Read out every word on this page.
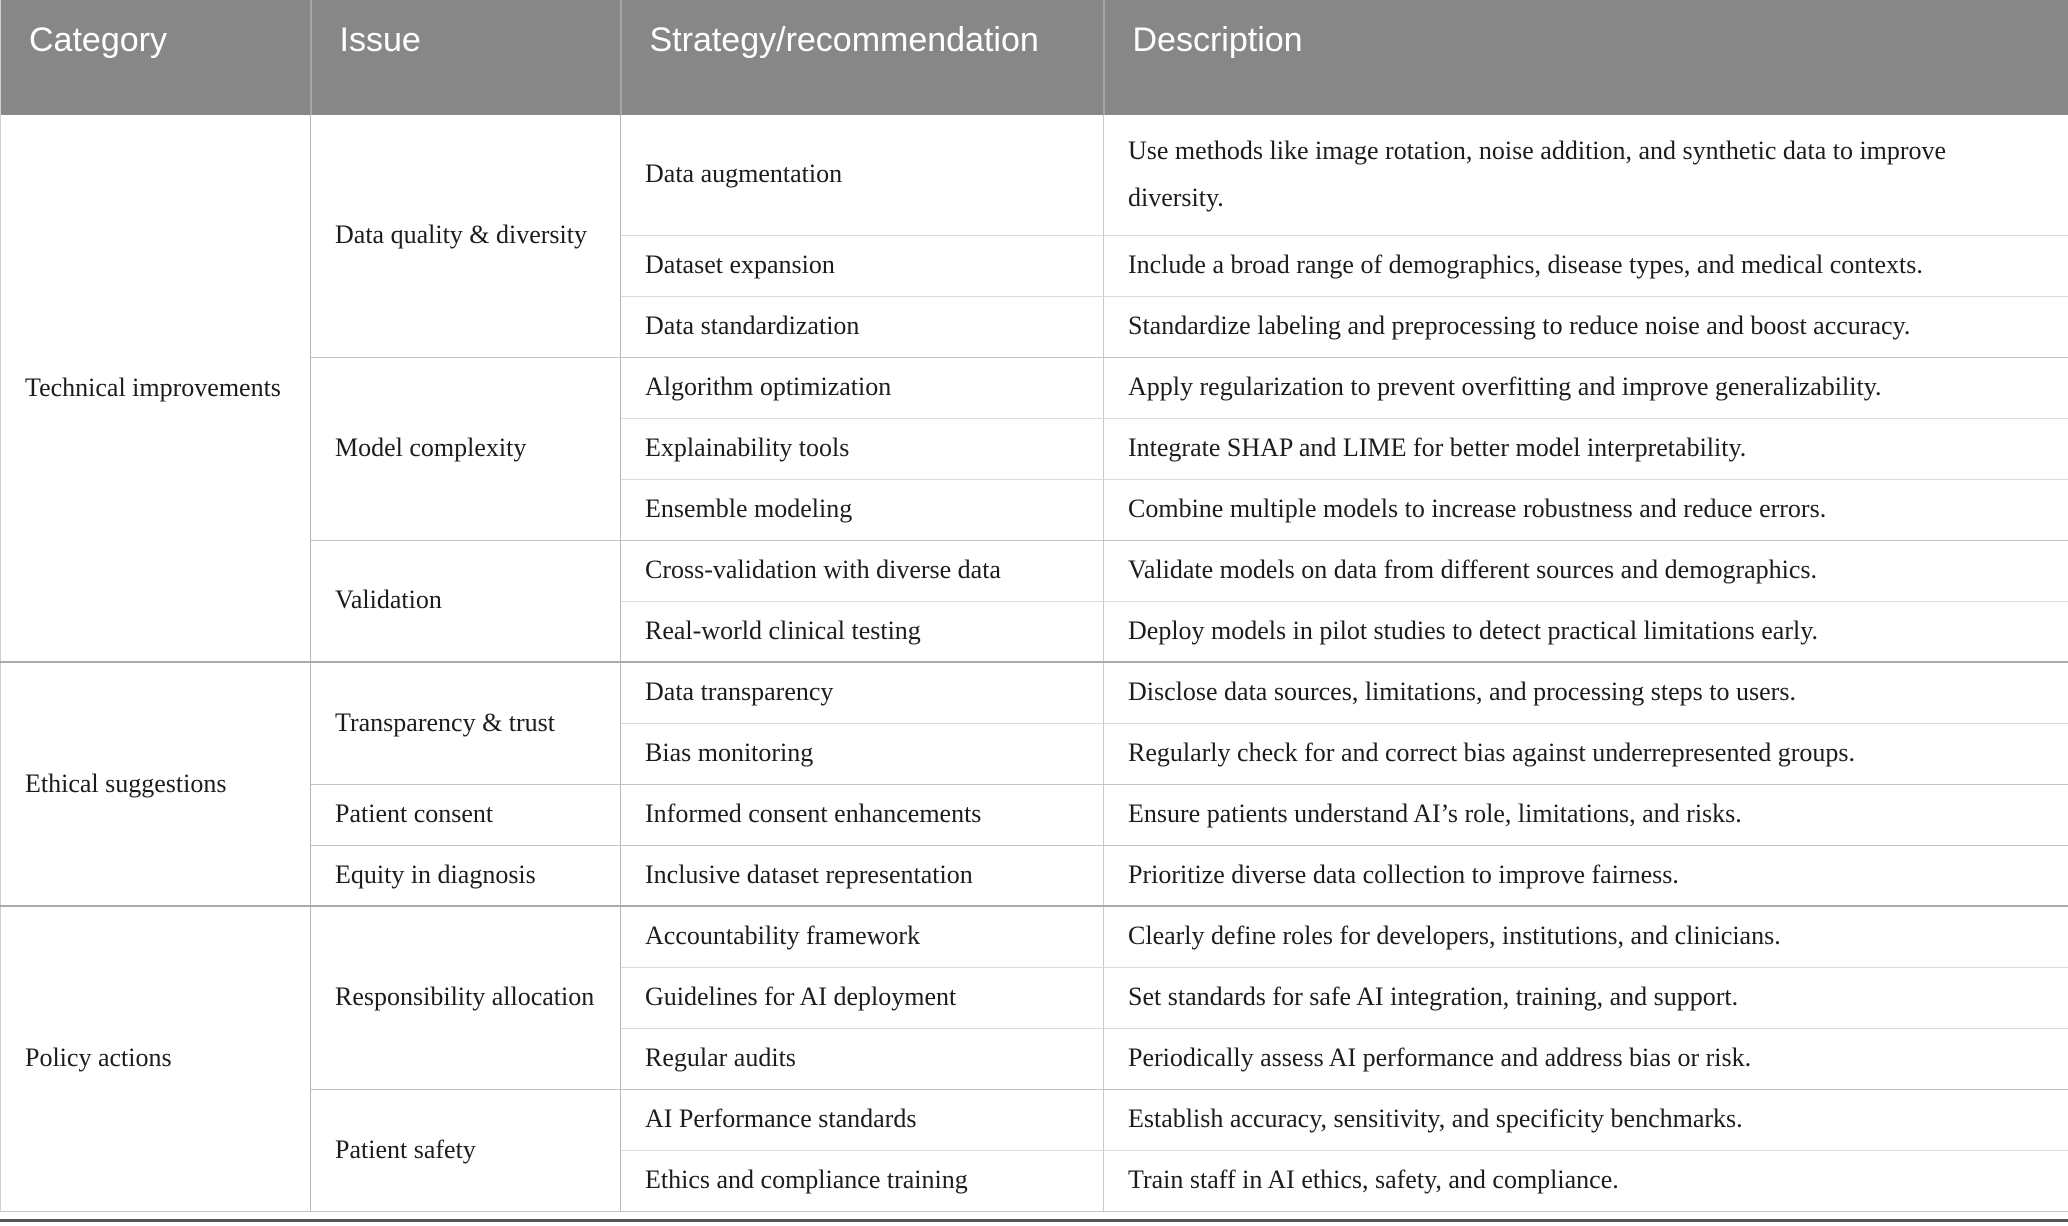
Category	Issue	Strategy/recommendation	Description
Technical improvements	Data quality & diversity	Data augmentation	Use methods like image rotation, noise addition, and synthetic data to improve diversity.
		Dataset expansion	Include a broad range of demographics, disease types, and medical contexts.
		Data standardization	Standardize labeling and preprocessing to reduce noise and boost accuracy.
	Model complexity	Algorithm optimization	Apply regularization to prevent overfitting and improve generalizability.
		Explainability tools	Integrate SHAP and LIME for better model interpretability.
		Ensemble modeling	Combine multiple models to increase robustness and reduce errors.
	Validation	Cross-validation with diverse data	Validate models on data from different sources and demographics.
		Real-world clinical testing	Deploy models in pilot studies to detect practical limitations early.
Ethical suggestions	Transparency & trust	Data transparency	Disclose data sources, limitations, and processing steps to users.
		Bias monitoring	Regularly check for and correct bias against underrepresented groups.
	Patient consent	Informed consent enhancements	Ensure patients understand AI’s role, limitations, and risks.
	Equity in diagnosis	Inclusive dataset representation	Prioritize diverse data collection to improve fairness.
Policy actions	Responsibility allocation	Accountability framework	Clearly define roles for developers, institutions, and clinicians.
		Guidelines for AI deployment	Set standards for safe AI integration, training, and support.
		Regular audits	Periodically assess AI performance and address bias or risk.
	Patient safety	AI Performance standards	Establish accuracy, sensitivity, and specificity benchmarks.
		Ethics and compliance training	Train staff in AI ethics, safety, and compliance.
